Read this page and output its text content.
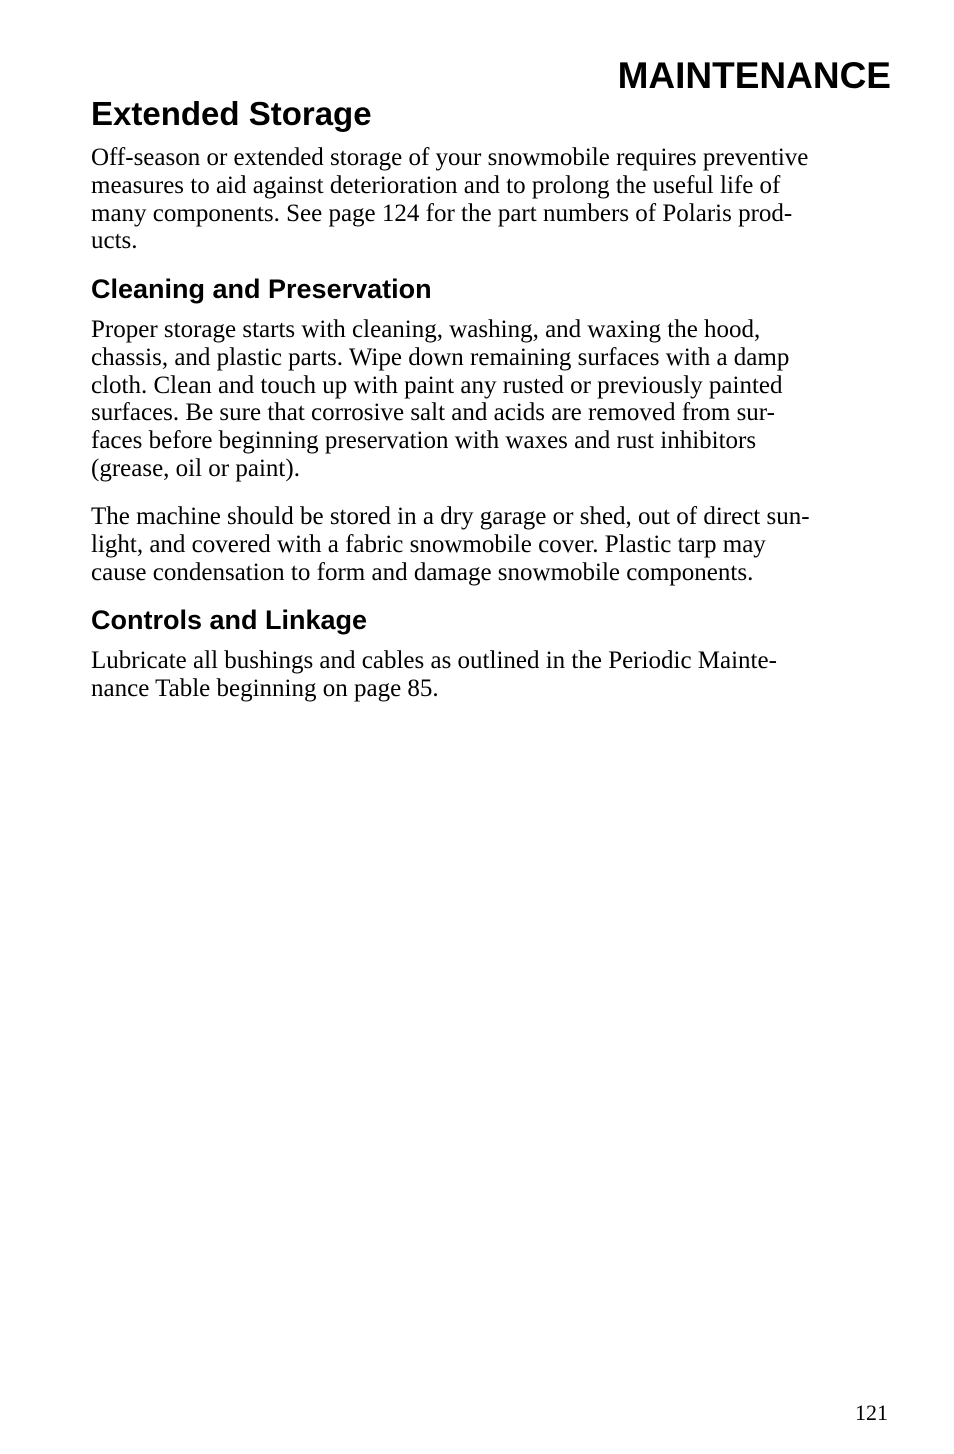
MAINTENANCE
Extended Storage

Off-season or extended storage of your snowmobile requires preventive
measures to aid against deterioration and to prolong the useful life of
many components. See page 124 for the part numbers of Polaris prod-
ucts.

Cleaning and Preservation

Proper storage starts with cleaning, washing, and waxing the hood,
chassis, and plastic parts. Wipe down remaining surfaces with a damp
cloth. Clean and touch up with paint any rusted or previously painted
surfaces. Be sure that corrosive salt and acids are removed from sur-
faces before beginning preservation with waxes and rust inhibitors
(grease, oil or paint).

The machine should be stored in a dry garage or shed, out of direct sun-
light, and covered with a fabric snowmobile cover. Plastic tarp may
cause condensation to form and damage snowmobile components.

Controls and Linkage

Lubricate all bushings and cables as outlined in the Periodic Mainte-
nance Table beginning on page 85.

121
